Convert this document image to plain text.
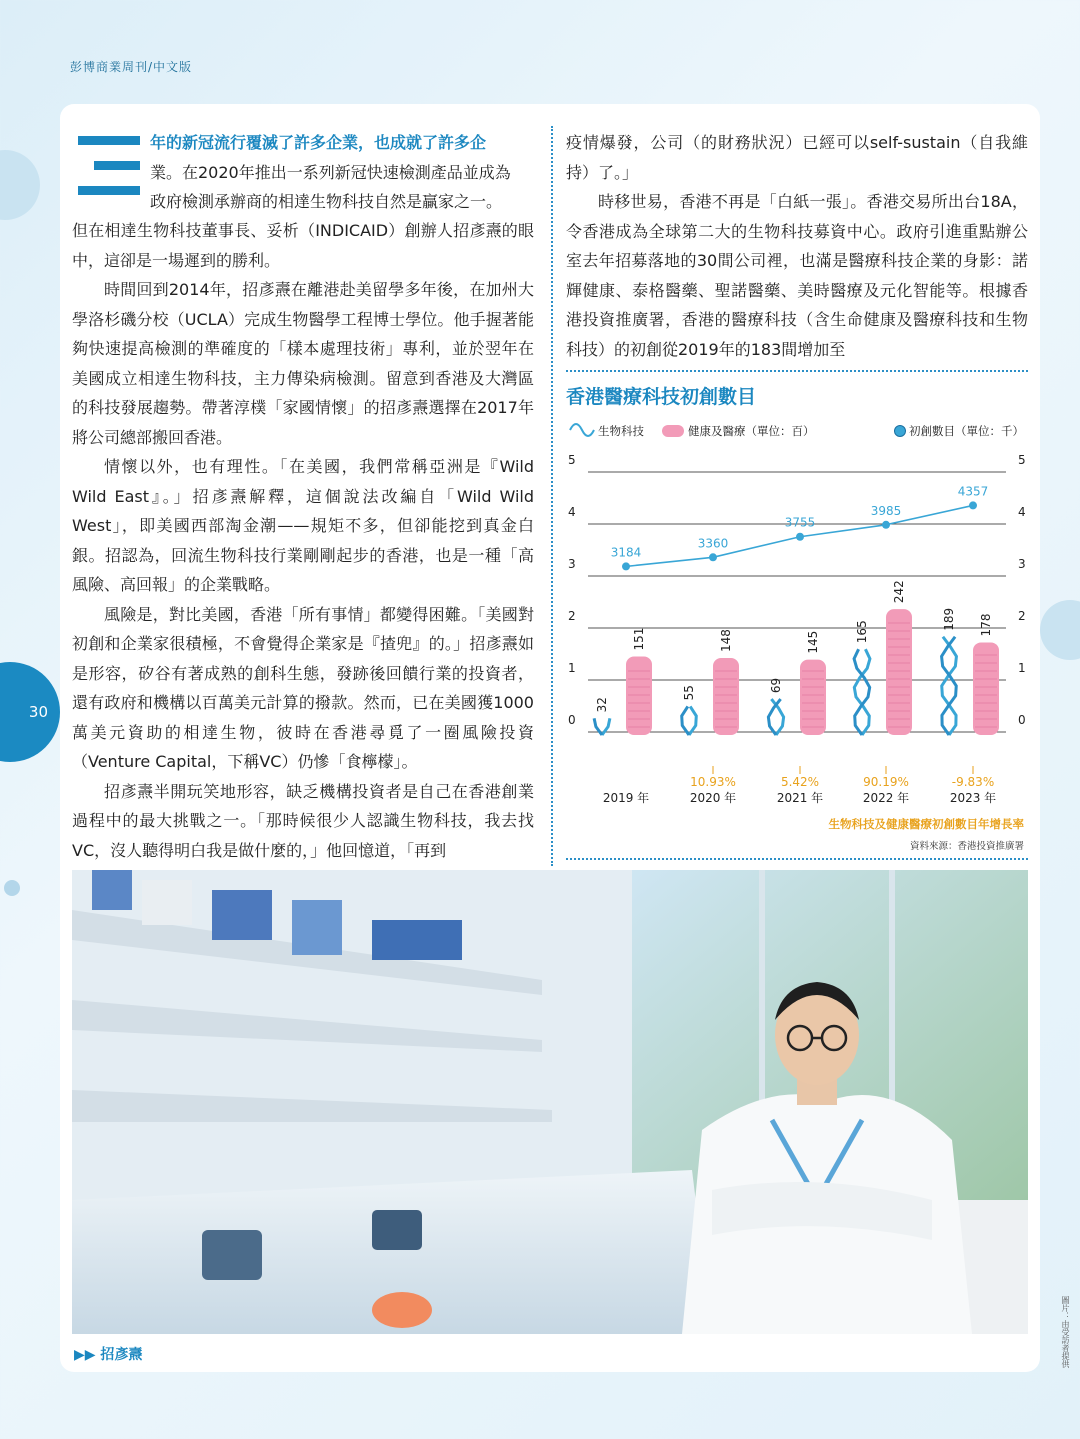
彭博商業周刊/中文版
30
年的新冠流行覆滅了許多企業，也成就了許多企
業。在2020年推出一系列新冠快速檢測產品並成為
政府檢測承辦商的相達生物科技自然是贏家之一。

但在相達生物科技董事長、妥析（INDICAID）創辦人招彥燾的眼中，這卻是一場遲到的勝利。

時間回到2014年，招彥燾在離港赴美留學多年後，在加州大學洛杉磯分校（UCLA）完成生物醫學工程博士學位。他手握著能夠快速提高檢測的準確度的「樣本處理技術」專利，並於翌年在美國成立相達生物科技，主力傳染病檢測。留意到香港及大灣區的科技發展趨勢。帶著淳樸「家國情懷」的招彥燾選擇在2017年將公司總部搬回香港。

情懷以外，也有理性。「在美國，我們常稱亞洲是『Wild Wild East』。」招彥燾解釋，這個說法改編自「Wild Wild West」，即美國西部淘金潮——規矩不多，但卻能挖到真金白銀。招認為，回流生物科技行業剛剛起步的香港，也是一種「高風險、高回報」的企業戰略。

風險是，對比美國，香港「所有事情」都變得困難。「美國對初創和企業家很積極，不會覺得企業家是『揸兜』的。」招彥燾如是形容，矽谷有著成熟的創科生態，發跡後回饋行業的投資者，還有政府和機構以百萬美元計算的撥款。然而，已在美國獲1000萬美元資助的相達生物，彼時在香港尋覓了一圈風險投資（Venture Capital，下稱VC）仍慘「食檸檬」。

招彥燾半開玩笑地形容，缺乏機構投資者是自己在香港創業過程中的最大挑戰之一。「那時候很少人認識生物科技，我去找VC，沒人聽得明白我是做什麼的，」他回憶道，「再到

疫情爆發，公司（的財務狀況）已經可以self-sustain（自我維持）了。」

時移世易，香港不再是「白紙一張」。香港交易所出台18A，令香港成為全球第二大的生物科技募資中心。政府引進重點辦公室去年招募落地的30間公司裡，也滿是醫療科技企業的身影：諾輝健康、泰格醫藥、聖諾醫藥、美時醫療及元化智能等。根據香港投資推廣署，香港的醫療科技（含生命健康及醫療科技和生物科技）的初創從2019年的183間增加至

香港醫療科技初創數目
生物科技	健康及醫療（單位：百）	初創數目（單位：千）
0	0
1	1
2	2
3	3
4	4
5	5
32
151
2019 年
55
148
2020 年
10.93%
69
145
2021 年
5.42%
165
242
2022 年
90.19%
189 178
2023 年
-9.83%
3184
3360
3755
3985
4357
生物科技及健康醫療初創數目年增長率
資料來源：香港投資推廣署
▶▶ 招彥燾	圖片：由受訪者提供
